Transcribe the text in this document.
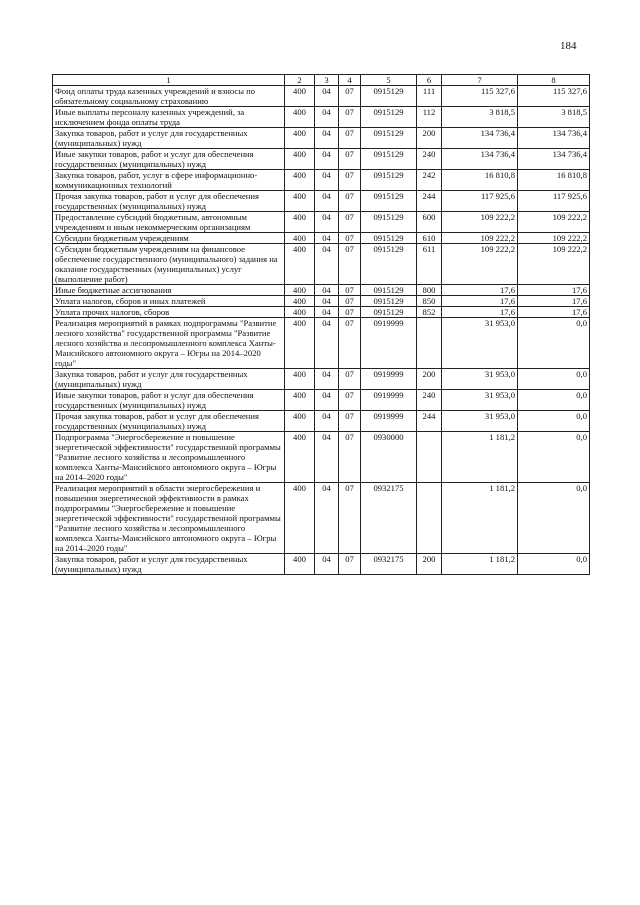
184
1	2	3	4	5	6	7	8
Фонд оплаты труда казенных учреждений и взносы по обязательному социальному страхованию	400	04	07	0915129	111	115 327,6	115 327,6
Иные выплаты персоналу казенных учреждений, за исключением фонда оплаты труда	400	04	07	0915129	112	3 818,5	3 818,5
Закупка товаров, работ и услуг для государственных (муниципальных) нужд	400	04	07	0915129	200	134 736,4	134 736,4
Иные закупки товаров, работ и услуг для обеспечения государственных (муниципальных) нужд	400	04	07	0915129	240	134 736,4	134 736,4
Закупка товаров, работ, услуг в сфере информационно-коммуникационных технологий	400	04	07	0915129	242	16 810,8	16 810,8
Прочая закупка товаров, работ и услуг для обеспечения государственных (муниципальных) нужд	400	04	07	0915129	244	117 925,6	117 925,6
Предоставление субсидий бюджетным, автономным учреждениям и иным некоммерческим организациям	400	04	07	0915129	600	109 222,2	109 222,2
Субсидии бюджетным учреждениям	400	04	07	0915129	610	109 222,2	109 222,2
Субсидии бюджетным учреждениям на финансовое обеспечение государственного (муниципального) задания на оказание государственных (муниципальных) услуг (выполнение работ)	400	04	07	0915129	611	109 222,2	109 222,2
Иные бюджетные ассигнования	400	04	07	0915129	800	17,6	17,6
Уплата налогов, сборов и иных платежей	400	04	07	0915129	850	17,6	17,6
Уплата прочих налогов, сборов	400	04	07	0915129	852	17,6	17,6
Реализация мероприятий в рамках подпрограммы "Развитие лесного хозяйства" государственной программы "Развитие лесного хозяйства и лесопромышленного комплекса Ханты-Мансийского автономного округа – Югры на 2014–2020 годы"	400	04	07	0919999		31 953,0	0,0
Закупка товаров, работ и услуг для государственных (муниципальных) нужд	400	04	07	0919999	200	31 953,0	0,0
Иные закупки товаров, работ и услуг для обеспечения государственных (муниципальных) нужд	400	04	07	0919999	240	31 953,0	0,0
Прочая закупка товаров, работ и услуг для обеспечения государственных (муниципальных) нужд	400	04	07	0919999	244	31 953,0	0,0
Подпрограмма "Энергосбережение и повышение энергетической эффективности" государственной программы "Развитие лесного хозяйства и лесопромышленного комплекса Ханты-Мансийского автономного округа – Югры на 2014–2020 годы"	400	04	07	0930000		1 181,2	0,0
Реализация мероприятий в области энергосбережения и повышения энергетической эффективности в рамках подпрограммы "Энергосбережение и повышение энергетической эффективности" государственной программы "Развитие лесного хозяйства и лесопромышленного комплекса Ханты-Мансийского автономного округа – Югры на 2014–2020 годы"	400	04	07	0932175		1 181,2	0,0
Закупка товаров, работ и услуг для государственных (муниципальных) нужд	400	04	07	0932175	200	1 181,2	0,0
